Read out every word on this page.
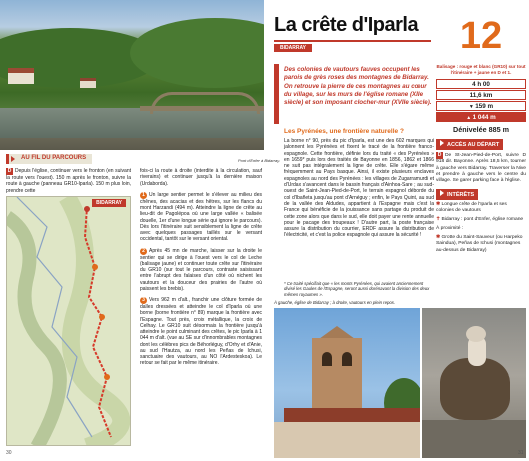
AU FIL DU PARCOURS	Pont d'Enfer à Bidarray.
D Depuis l'église, continuer vers le fronton (en suivant la route vers l'ouest). 150 m après le fronton, suivre la route à gauche (panneau GR10-Iparla). 150 m plus loin, prendre cette
BIDARRAY
fois-ci la route à droite (interdite à la circulation, sauf riverains) et continuer jusqu'à la dernière maison (Urdaborda).
1 Un large sentier permet le s'élever au milieu des chênes, des acacias et des hêtres, sur les flancs du mont Harzandi (494 m). Atteindre la ligne de crête au lieu-dit de Pagolépoa où une large vallée « balisée douelle, 1er d'une longue série qui ignore le parcours). Dès lors l'itinéraire suit sensiblement la ligne de crête avec quelques passages taillés sur le versant occidental, tantôt sur le versant oriental.
2 Après 45 mn de marche, laisser sur la droite le sentier qui se dirige à l'ouest vers le col de Leche (balisage jaune) et continuer toute crête sur l'itinéraire du GR10 (sur tout le parcours, contraste saisissant entre l'abrupt des falaises d'un côté où nichent les vautours et la douceur des prairies de l'autre où paissent les brebis).
3 Vers 962 m d'alt., franchir une clôture formée de dalles dressées et atteindre le col d'Iparla où une borne (borne frontière n° 89) marque la frontière avec l'Espagne. Tout près, croix métallique, la croix de Celhay. Le GR10 suit désormais la frontière jusqu'à atteindre le point culminant des crêtes, le pic Iparla à 1 044 m d'alt. (vue au SE sur d'innombrables montagnes dont les célèbres pics de Béhorléguy, d'Orhy et d'Anie, au sud l'Hautza, au nord les Peñas de Ichusi, sanctuaire des vautours, au NO l'Ardesteskoa). Le retour se fait par le même itinéraire.
30
La crête d'Iparla
BIDARRAY	12
Des colonies de vautours fauves occupent les parois de grès roses des montagnes de Bidarray. On retrouve la pierre de ces montagnes au cœur du village, sur les murs de l'église romane (XIIe siècle) et son imposant clocher-mur (XVIIe siècle).
Les Pyrénées, une frontière naturelle ?
La borne n° 90, près du pic d'Iparla, est une des 602 marques qui jalonnent les Pyrénées et fixent le tracé de la frontière franco-espagnole. Cette frontière, définie lors du traité « des Pyrénées » en 1659* puis lors des traités de Bayonne en 1856, 1862 et 1866 ne suit pas intégralement la ligne de crête. Elle s'égare même fréquemment au Pays basque. Ainsi, il existe plusieurs enclaves espagnoles au nord des Pyrénées : les villages de Zugarramurdi et d'Urdax s'avancent dans le bassin français d'Ainhoa-Sare ; au sud-ouest de Saint-Jean-Pied-de-Port, le terrain espagnol déborde du col d'Ibañeta jusqu'au pont d'Arnéguy ; enfin, le Pays Quint, au sud de la vallée des Aldudes, appartient à l'Espagne mais c'est la France qui bénéficie de la jouissance sans partage du produit de cette zone alors que dans le sud, elle doit payer une rente annuelle pour le pacage des troupeaux ! D'autre part, la poste française assure la distribution du courrier, ERDF assure la distribution de l'électricité, et c'est la police espagnole qui assure la sécurité !
* Ce traité spécifiait que « les monts Pyrénées, qui avaient anciennement divisé les Gaules de l'Espagne, seront aussi dorénavant la division des deux mêmes royaumes ».
À gauche, église de Bidarray ; à droite, vautours en plein repos.
Balisage : rouge et blanc (GR10) sur tout l'itinéraire + jaune en D et 1.
4 h 00
11,6 km
▼ 159 m
▲ 1 044 m
Dénivelée 885 m
ACCÈS AU DÉPART
D De St-Jean-Pied-de-Port, suivre D 918 dir. Bayonne. Après 18,5 km, tourner à gauche vers Bidarray. Traverser la Nive et prendre à gauche vers le centre du village. Se garer parking face à l'église.
INTÉRÊTS
✱ Longue crête de l'Iparla et ses colonies de vautours
✝ Bidarray : pont d'Enfer, église romane
À proximité :
✱ Grotte du Saint-Sauveur (ou Harpeko Saindua), Peñas de Ichusi (montagnes au-dessus de Bidarray)
31
